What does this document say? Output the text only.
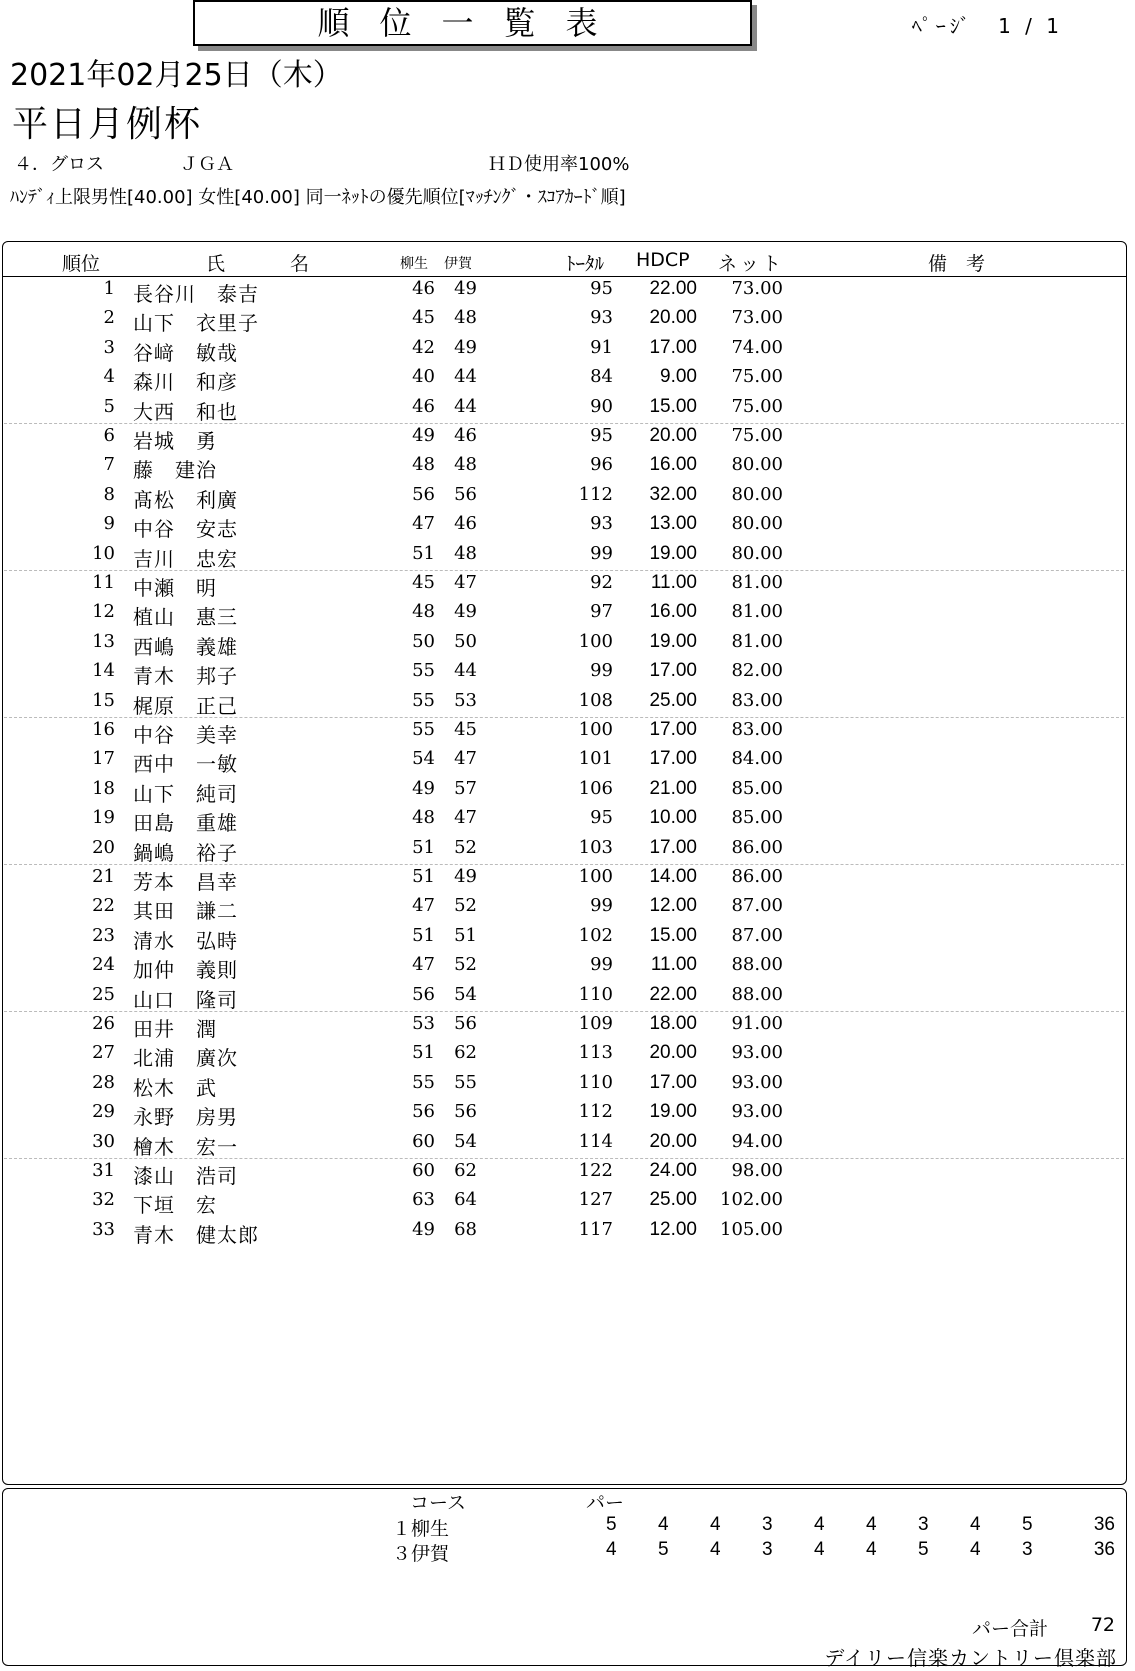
順位一覧表	ﾍﾟｰｼﾞ 1 / 1
2021年02月25日（木）
平日月例杯
４．グロス	ＪＧＡ	ＨＤ使用率100%
ﾊﾝﾃﾞｨ上限男性[40.00] 女性[40.00] 同一ﾈｯﾄの優先順位[ﾏｯﾁﾝｸﾞ・ｽｺｱｶｰﾄﾞ順]
順位	氏	名	柳生 伊賀	ﾄｰﾀﾙ HDCP ネット	備 考
1 長谷川　泰吉	46 49	95 22.00 73.00
2 山下　衣里子	45 48	93 20.00 73.00
3 谷﨑　敏哉	42 49	91 17.00 74.00
4 森川　和彦	40 44	84 9.00 75.00
5 大西　和也	46 44	90 15.00 75.00
6 岩城　勇	49 46	95 20.00 75.00
7 藤　建治	48 48	96 16.00 80.00
8 髙松　利廣	56 56	112 32.00 80.00
9 中谷　安志	47 46	93 13.00 80.00
10 吉川　忠宏	51 48	99 19.00 80.00
11 中瀬　明	45 47	92 11.00 81.00
12 植山　惠三	48 49	97 16.00 81.00
13 西嶋　義雄	50 50	100 19.00 81.00
14 青木　邦子	55 44	99 17.00 82.00
15 梶原　正己	55 53	108 25.00 83.00
16 中谷　美幸	55 45	100 17.00 83.00
17 西中　一敏	54 47	101 17.00 84.00
18 山下　純司	49 57	106 21.00 85.00
19 田島　重雄	48 47	95 10.00 85.00
20 鍋嶋　裕子	51 52	103 17.00 86.00
21 芳本　昌幸	51 49	100 14.00 86.00
22 其田　謙二	47 52	99 12.00 87.00
23 清水　弘時	51 51	102 15.00 87.00
24 加仲　義則	47 52	99 11.00 88.00
25 山口　隆司	56 54	110 22.00 88.00
26 田井　潤	53 56	109 18.00 91.00
27 北浦　廣次	51 62	113 20.00 93.00
28 松木　武	55 55	110 17.00 93.00
29 永野　房男	56 56	112 19.00 93.00
30 檜木　宏一	60 54	114 20.00 94.00
31 漆山　浩司	60 62	122 24.00 98.00
32 下垣　宏	63 64	127 25.00 102.00
33 青木　健太郎	49 68	117 12.00 105.00
コース	パー
１柳生	5 4 4 3 4 4 3 4 5	36
３伊賀	4 5 4 3 4 4 5 4 3	36
パー合計 72
デイリー信楽カントリー倶楽部
